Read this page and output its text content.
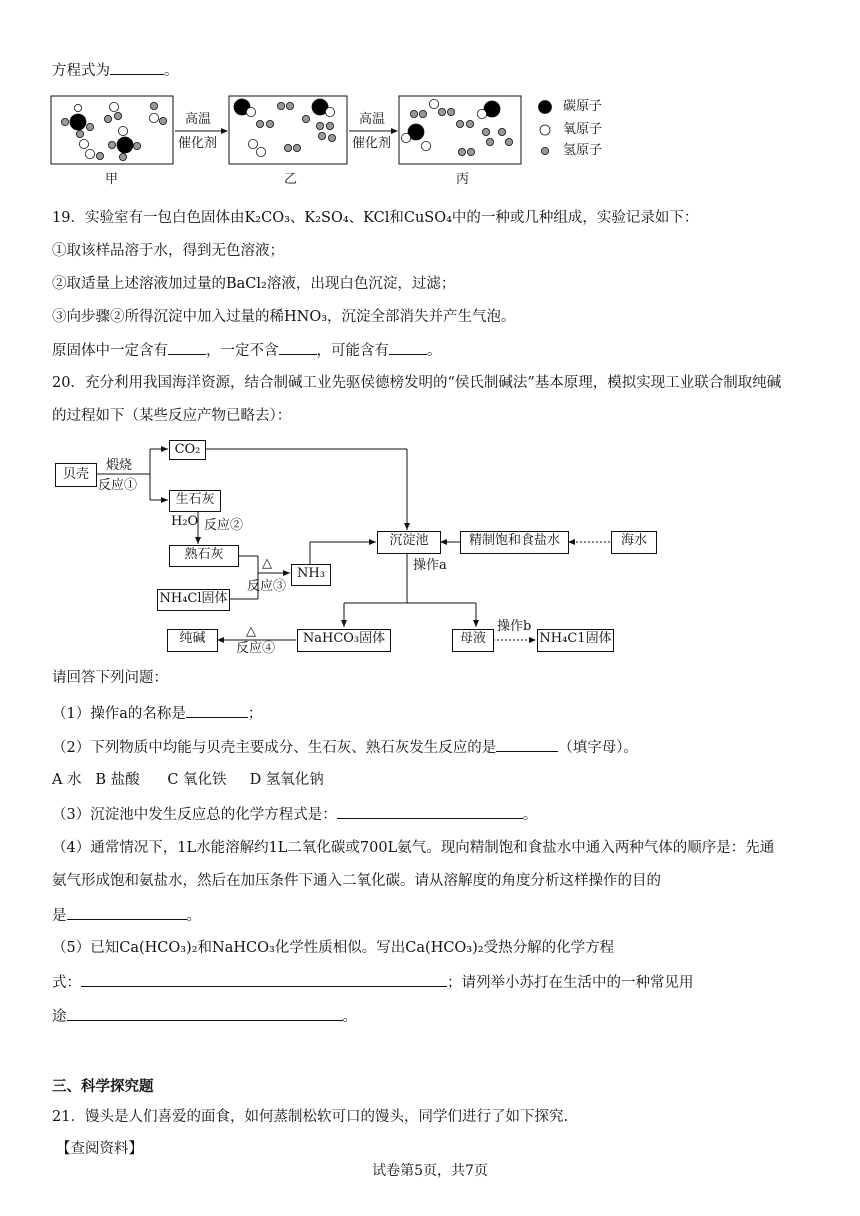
方程式为	。
高温
催化剂
高温
催化剂
甲	乙	丙
碳原子
氧原子
氢原子
19．实验室有一包白色固体由K₂CO₃、K₂SO₄、KCl和CuSO₄中的一种或几种组成，实验记录如下：
①取该样品溶于水，得到无色溶液；
②取适量上述溶液加过量的BaCl₂溶液，出现白色沉淀，过滤；
③向步骤②所得沉淀中加入过量的稀HNO₃，沉淀全部消失并产生气泡。
原固体中一定含有	，一定不含	，可能含有	。
20．充分利用我国海洋资源，结合制碱工业先驱侯德榜发明的“侯氏制碱法”基本原理，模拟实现工业联合制取纯碱
的过程如下（某些反应产物已略去）：
贝壳
CO₂
生石灰
熟石灰
NH₄Cl固体
NH₃
沉淀池	精制饱和食盐水	海水
纯碱	NaHCO₃固体	母液	NH₄C1固体
煅烧
反应①
H₂O 反应②
△
反应③
操作a
△
反应④
操作b
请回答下列问题：
（1）操作a的名称是	；
（2）下列物质中均能与贝壳主要成分、生石灰、熟石灰发生反应的是	（填字母）。
A 水   B 盐酸      C 氧化铁     D 氢氧化钠
（3）沉淀池中发生反应总的化学方程式是：	。
（4）通常情况下，1L水能溶解约1L二氧化碳或700L氨气。现向精制饱和食盐水中通入两种气体的顺序是：先通
氨气形成饱和氨盐水，然后在加压条件下通入二氧化碳。请从溶解度的角度分析这样操作的目的
是	。
（5）已知Ca(HCO₃)₂和NaHCO₃化学性质相似。写出Ca(HCO₃)₂受热分解的化学方程
式：	；请列举小苏打在生活中的一种常见用
途	。
三、科学探究题
21．馒头是人们喜爱的面食，如何蒸制松软可口的馒头，同学们进行了如下探究.
【查阅资料】
试卷第5页，共7页
